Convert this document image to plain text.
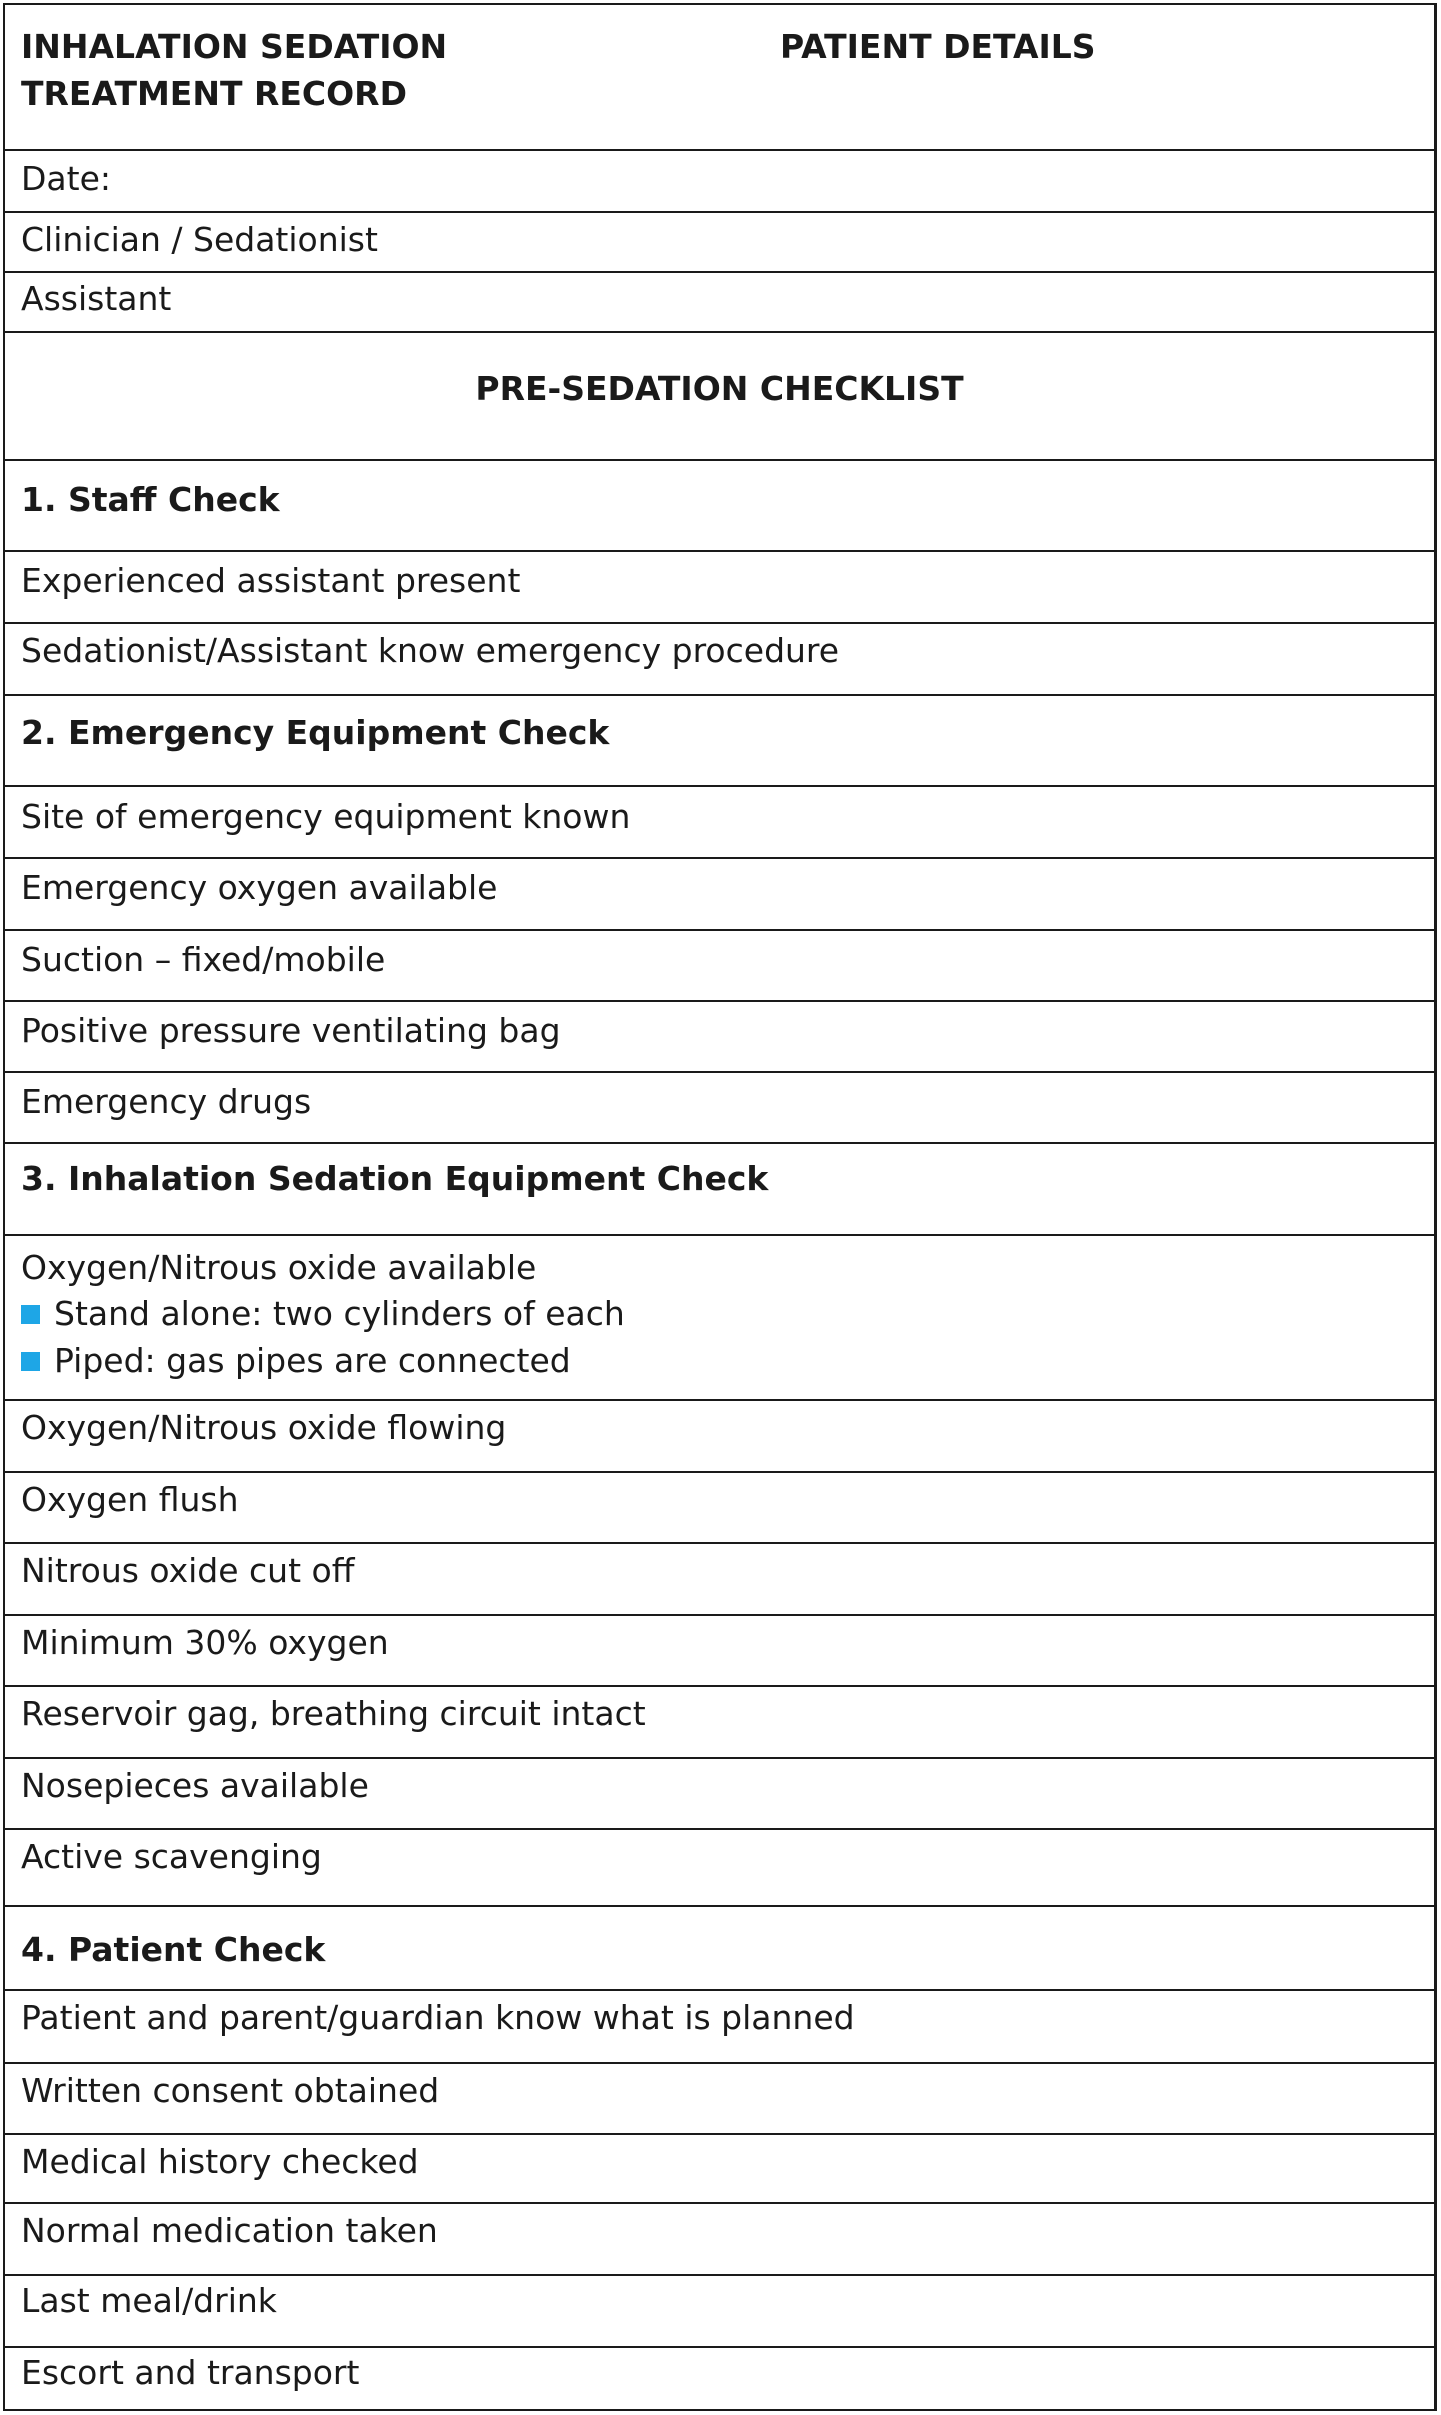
INHALATION SEDATION
TREATMENT RECORD
PATIENT DETAILS
Date:
Clinician / Sedationist
Assistant
PRE-SEDATION CHECKLIST
1. Staff Check
Experienced assistant present
Sedationist/Assistant know emergency procedure
2. Emergency Equipment Check
Site of emergency equipment known
Emergency oxygen available
Suction – fixed/mobile
Positive pressure ventilating bag
Emergency drugs
3. Inhalation Sedation Equipment Check
Oxygen/Nitrous oxide available
Stand alone: two cylinders of each
Piped: gas pipes are connected
Oxygen/Nitrous oxide flowing
Oxygen flush
Nitrous oxide cut off
Minimum 30% oxygen
Reservoir gag, breathing circuit intact
Nosepieces available
Active scavenging
4. Patient Check
Patient and parent/guardian know what is planned
Written consent obtained
Medical history checked
Normal medication taken
Last meal/drink
Escort and transport
